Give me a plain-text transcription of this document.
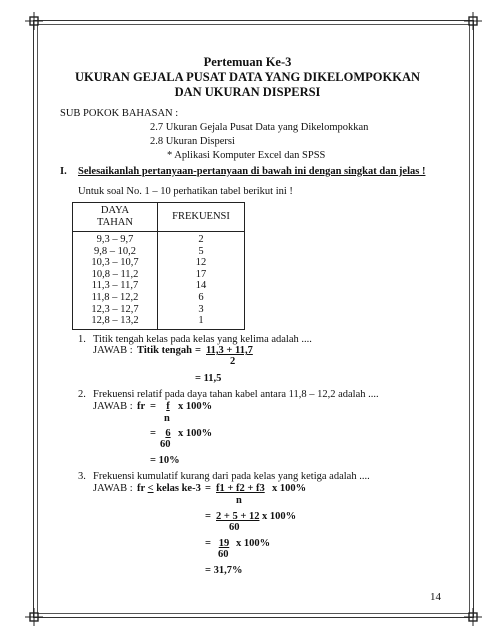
Pertemuan Ke-3
UKURAN GEJALA PUSAT DATA YANG DIKELOMPOKKAN
DAN UKURAN DISPERSI
SUB POKOK BAHASAN :
2.7 Ukuran Gejala Pusat Data yang Dikelompokkan
2.8 Ukuran Dispersi
* Aplikasi Komputer Excel dan SPSS
I. Selesaikanlah pertanyaan-pertanyaan di bawah ini dengan singkat dan jelas !
Untuk soal No. 1 – 10 perhatikan tabel berikut ini !
DAYA
TAHAN	FREKUENSI
9,3 – 9,7	2
9,8 – 10,2	5
10,3 – 10,7	12
10,8 – 11,2	17
11,3 – 11,7	14
11,8 – 12,2	6
12,3 – 12,7	3
12,8 – 13,2	1
1. Titik tengah kelas pada kelas yang kelima adalah ....
JAWAB : Titik tengah = 11,3 + 11,7
2
= 11,5
2. Frekuensi relatif pada daya tahan kabel antara 11,8 – 12,2 adalah ....
JAWAB : fr = f x 100%
n
= 6 x 100%
60
= 10%
3. Frekuensi kumulatif kurang dari pada kelas yang ketiga adalah ....
JAWAB : fr < kelas ke-3 = f1 + f2 + f3 x 100%
n
= 2 + 5 + 12 x 100%
60
= 19 x 100%
60
= 31,7%
14
